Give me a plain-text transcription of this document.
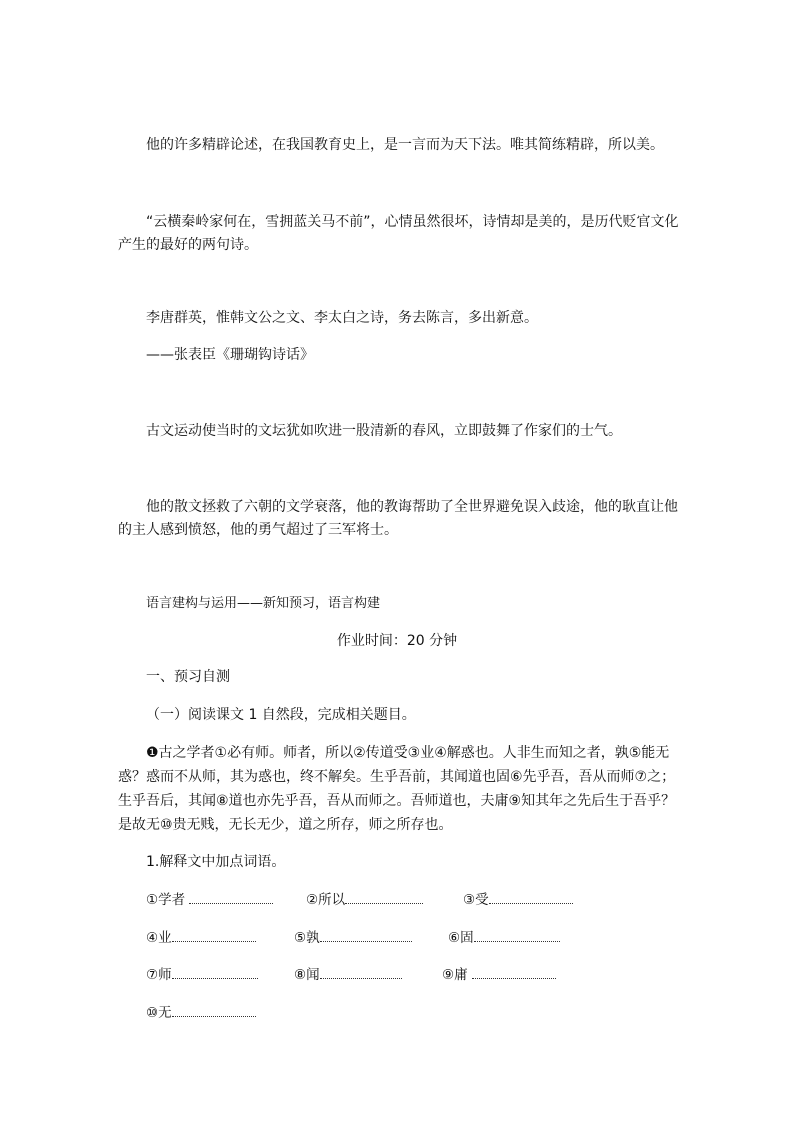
他的许多精辟论述，在我国教育史上，是一言而为天下法。唯其简练精辟，所以美。

“云横秦岭家何在，雪拥蓝关马不前”，心情虽然很坏，诗情却是美的，是历代贬官文化产生的最好的两句诗。

李唐群英，惟韩文公之文、李太白之诗，务去陈言，多出新意。

——张表臣《珊瑚钩诗话》

古文运动使当时的文坛犹如吹进一股清新的春风，立即鼓舞了作家们的士气。

他的散文拯救了六朝的文学衰落，他的教诲帮助了全世界避免误入歧途，他的耿直让他的主人感到愤怒，他的勇气超过了三军将士。

语言建构与运用——新知预习，语言构建

作业时间：20 分钟

一、预习自测

（一）阅读课文 1 自然段，完成相关题目。

❶古之学者①必有师。师者，所以②传道受③业④解惑也。人非生而知之者，孰⑤能无惑？惑而不从师，其为惑也，终不解矣。生乎吾前，其闻道也固⑥先乎吾，吾从而师⑦之；生乎吾后，其闻⑧道也亦先乎吾，吾从而师之。吾师道也，夫庸⑨知其年之先后生于吾乎？是故无⑩贵无贱，无长无少，道之所存，师之所存也。

1.解释文中加点词语。

①学者	②所以	③受
④业	⑤孰	⑥固
⑦师	⑧闻	⑨庸
⑩无
